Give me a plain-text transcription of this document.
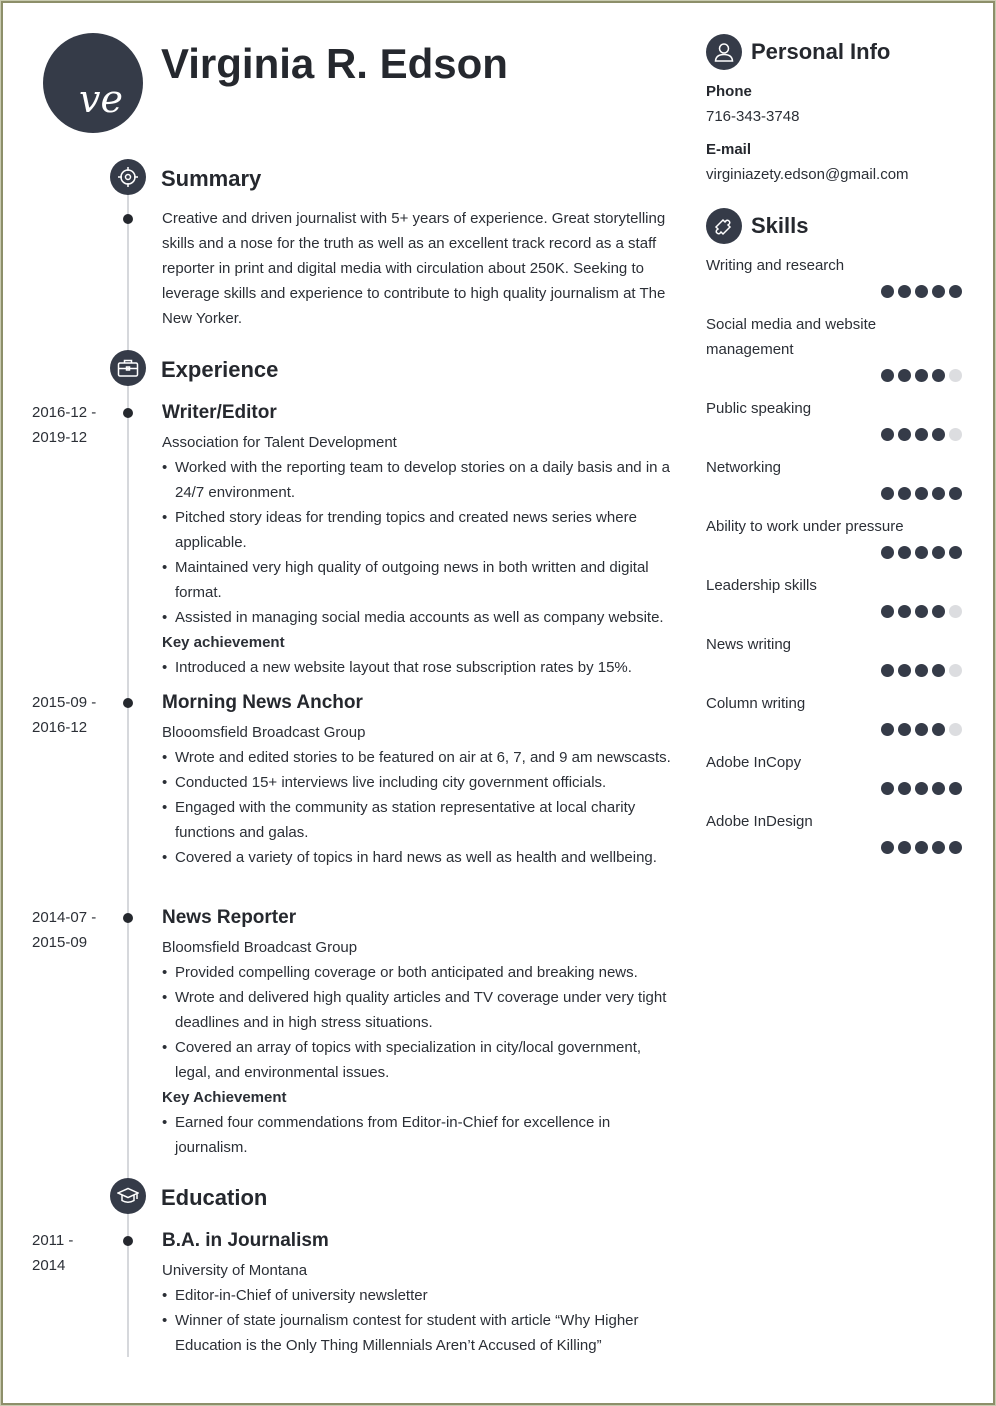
ve
Virginia R. Edson
Summary
Creative and driven journalist with 5+ years of experience. Great storytelling skills and a nose for the truth as well as an excellent track record as a staff reporter in print and digital media with circulation about 250K. Seeking to leverage skills and experience to contribute to high quality journalism at The New Yorker.
Experience
2016-12 -
2019-12
Writer/Editor
Association for Talent Development
• Worked with the reporting team to develop stories on a daily basis and in a 24/7 environment.
• Pitched story ideas for trending topics and created news series where applicable.
• Maintained very high quality of outgoing news in both written and digital format.
• Assisted in managing social media accounts as well as company website.
Key achievement
• Introduced a new website layout that rose subscription rates by 15%.
2015-09 -
2016-12
Morning News Anchor
Blooomsfield Broadcast Group
• Wrote and edited stories to be featured on air at 6, 7, and 9 am newscasts.
• Conducted 15+ interviews live including city government officials.
• Engaged with the community as station representative at local charity functions and galas.
• Covered a variety of topics in hard news as well as health and wellbeing.
2014-07 -
2015-09
News Reporter
Bloomsfield Broadcast Group
• Provided compelling coverage or both anticipated and breaking news.
• Wrote and delivered high quality articles and TV coverage under very tight deadlines and in high stress situations.
• Covered an array of topics with specialization in city/local government, legal, and environmental issues.
Key Achievement
• Earned four commendations from Editor-in-Chief for excellence in journalism.
Education
2011 -
2014
B.A. in Journalism
University of Montana
• Editor-in-Chief of university newsletter
• Winner of state journalism contest for student with article “Why Higher Education is the Only Thing Millennials Aren’t Accused of Killing”
Personal Info
Phone
716-343-3748
E-mail
virginiazety.edson@gmail.com
Skills
Writing and research
Social media and website management
Public speaking
Networking
Ability to work under pressure
Leadership skills
News writing
Column writing
Adobe InCopy
Adobe InDesign
